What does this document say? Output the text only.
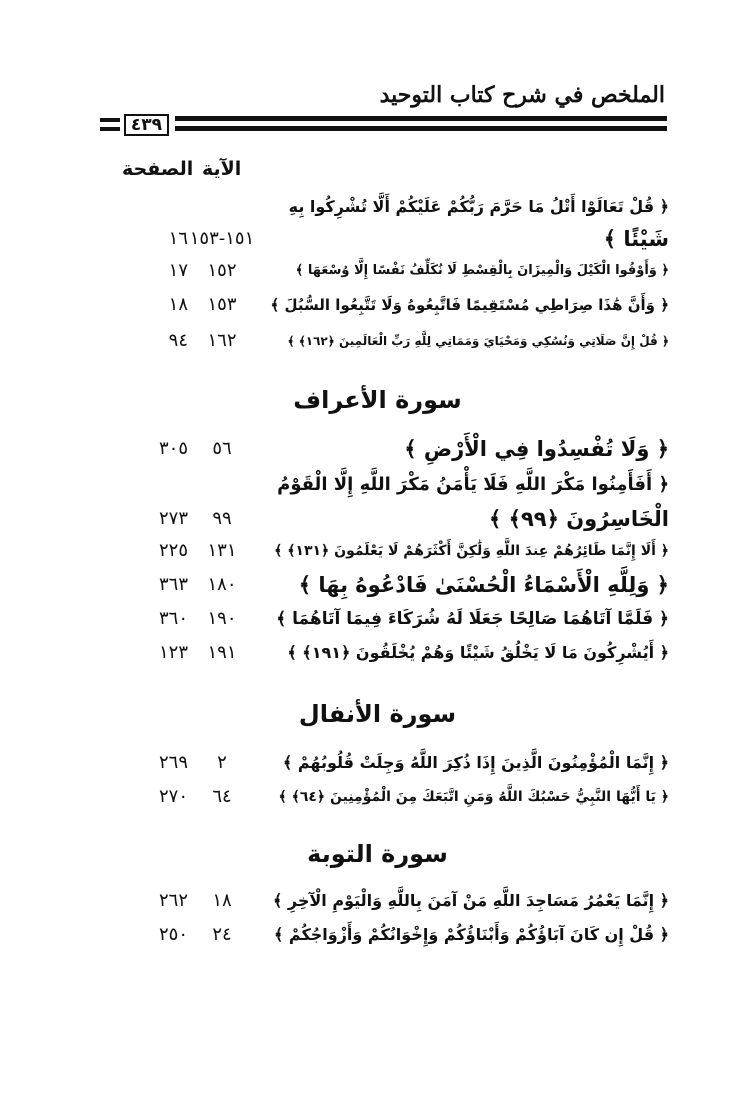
الملخص في شرح كتاب التوحيد
٤٣٩
الآية
الصفحة
﴿ قُلْ تَعَالَوْا أَتْلُ مَا حَرَّمَ رَبُّكُمْ عَلَيْكُمْ أَلَّا تُشْرِكُوا بِهِ
شَيْئًا ﴾
١٥١-١٥٣
١٦
﴿ وَأَوْفُوا الْكَيْلَ وَالْمِيزَانَ بِالْقِسْطِ لَا نُكَلِّفُ نَفْسًا إِلَّا وُسْعَهَا ﴾
١٥٢
١٧
﴿ وَأَنَّ هَٰذَا صِرَاطِي مُسْتَقِيمًا فَاتَّبِعُوهُ وَلَا تَتَّبِعُوا السُّبُلَ ﴾
١٥٣
١٨
﴿ قُلْ إِنَّ صَلَاتِي وَنُسُكِي وَمَحْيَايَ وَمَمَاتِي لِلَّهِ رَبِّ الْعَالَمِينَ ﴿١٦٢﴾ ﴾
١٦٢
٩٤
سورة الأعراف
﴿ وَلَا تُفْسِدُوا فِي الْأَرْضِ ﴾
٥٦
٣٠٥
﴿ أَفَأَمِنُوا مَكْرَ اللَّهِ فَلَا يَأْمَنُ مَكْرَ اللَّهِ إِلَّا الْقَوْمُ
الْخَاسِرُونَ ﴿٩٩﴾ ﴾
٩٩
٢٧٣
﴿ أَلَا إِنَّمَا طَائِرُهُمْ عِندَ اللَّهِ وَلَٰكِنَّ أَكْثَرَهُمْ لَا يَعْلَمُونَ ﴿١٣١﴾ ﴾
١٣١
٢٢٥
﴿ وَلِلَّهِ الْأَسْمَاءُ الْحُسْنَىٰ فَادْعُوهُ بِهَا ﴾
١٨٠
٣٦٣
﴿ فَلَمَّا آتَاهُمَا صَالِحًا جَعَلَا لَهُ شُرَكَاءَ فِيمَا آتَاهُمَا ﴾
١٩٠
٣٦٠
﴿ أَيُشْرِكُونَ مَا لَا يَخْلُقُ شَيْئًا وَهُمْ يُخْلَقُونَ ﴿١٩١﴾ ﴾
١٩١
١٢٣
سورة الأنفال
﴿ إِنَّمَا الْمُؤْمِنُونَ الَّذِينَ إِذَا ذُكِرَ اللَّهُ وَجِلَتْ قُلُوبُهُمْ ﴾
٢
٢٦٩
﴿ يَا أَيُّهَا النَّبِيُّ حَسْبُكَ اللَّهُ وَمَنِ اتَّبَعَكَ مِنَ الْمُؤْمِنِينَ ﴿٦٤﴾ ﴾
٦٤
٢٧٠
سورة التوبة
﴿ إِنَّمَا يَعْمُرُ مَسَاجِدَ اللَّهِ مَنْ آمَنَ بِاللَّهِ وَالْيَوْمِ الْآخِرِ ﴾
١٨
٢٦٢
﴿ قُلْ إِن كَانَ آبَاؤُكُمْ وَأَبْنَاؤُكُمْ وَإِخْوَانُكُمْ وَأَزْوَاجُكُمْ ﴾
٢٤
٢٥٠
